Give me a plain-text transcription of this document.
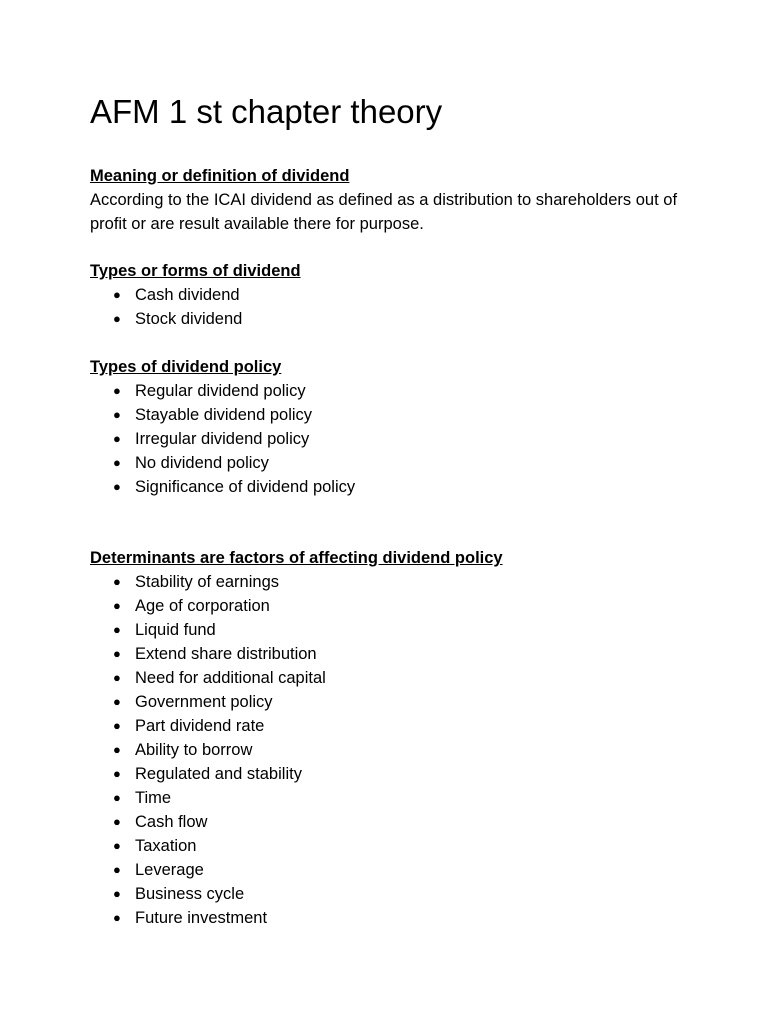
AFM 1 st chapter theory

Meaning or definition of dividend

According to the ICAI dividend as defined as a distribution to shareholders out of profit or are result available there for purpose.

Types or forms of dividend

● Cash dividend
● Stock dividend

Types of dividend policy

● Regular dividend policy
● Stayable dividend policy
● Irregular dividend policy
● No dividend policy
● Significance of dividend policy

Determinants are factors of affecting dividend policy

● Stability of earnings
● Age of corporation
● Liquid fund
● Extend share distribution
● Need for additional capital
● Government policy
● Part dividend rate
● Ability to borrow
● Regulated and stability
● Time
● Cash flow
● Taxation
● Leverage
● Business cycle
● Future investment
